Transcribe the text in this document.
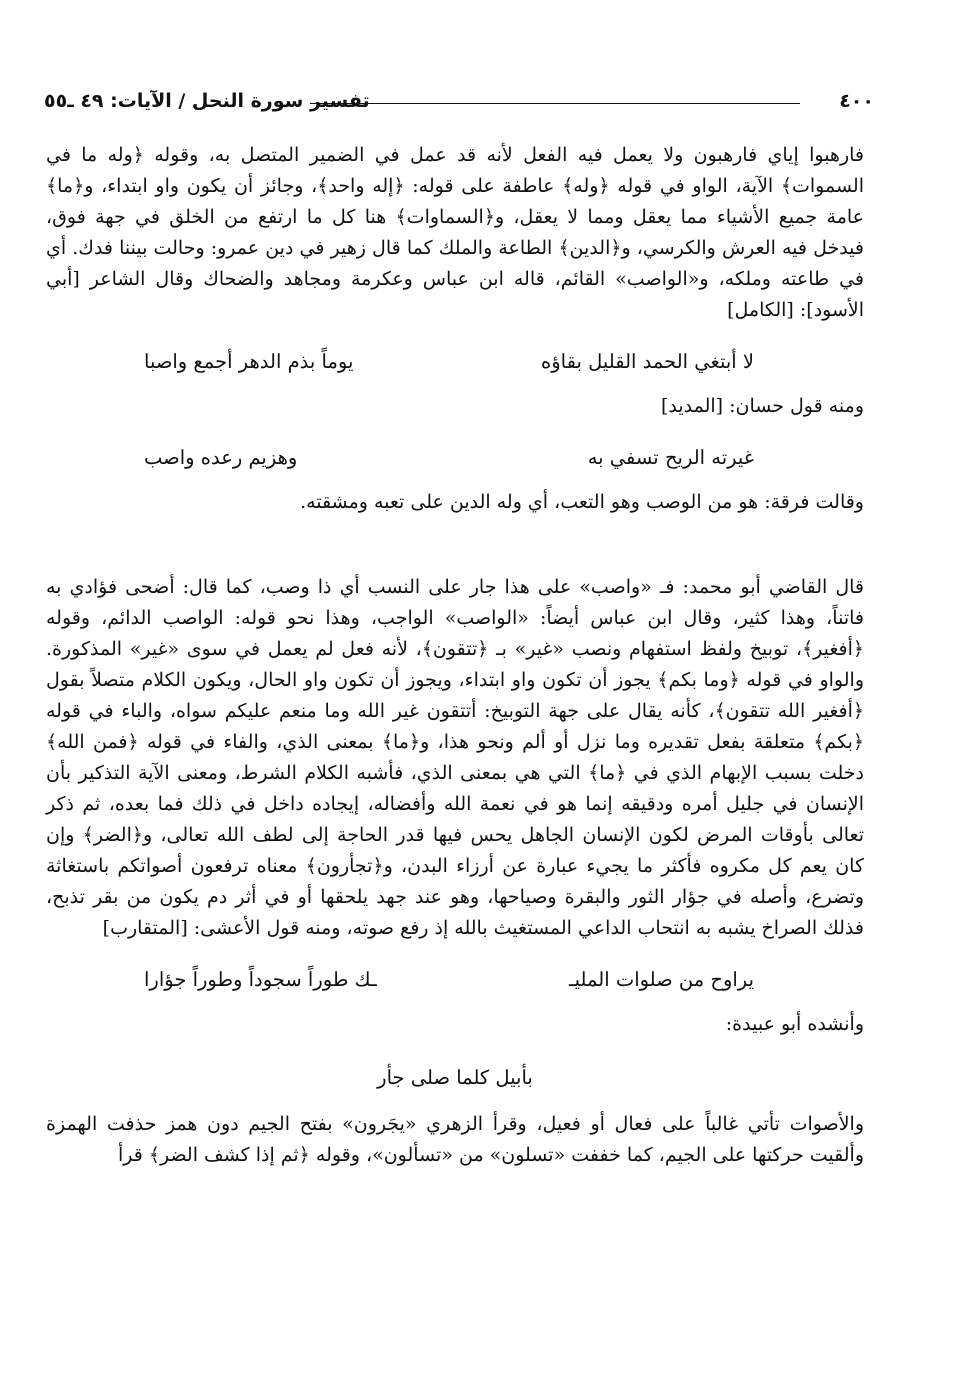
٤٠٠
تفسير سورة النحل / الآيات: ٤٩ ـ٥٥

فارهبوا إياي فارهبون ولا يعمل فيه الفعل لأنه قد عمل في الضمير المتصل به، وقوله ﴿وله ما في السموات﴾ الآية، الواو في قوله ﴿وله﴾ عاطفة على قوله: ﴿إله واحد﴾، وجائز أن يكون واو ابتداء، و﴿ما﴾ عامة جميع الأشياء مما يعقل ومما لا يعقل، و﴿السماوات﴾ هنا كل ما ارتفع من الخلق في جهة فوق، فيدخل فيه العرش والكرسي، و﴿الدين﴾ الطاعة والملك كما قال زهير في دين عمرو: وحالت بيننا فدك. أي في طاعته وملكه، و«الواصب» القائم، قاله ابن عباس وعكرمة ومجاهد والضحاك وقال الشاعر [أبي الأسود]: [الكامل]

لا أبتغي الحمد القليل بقاؤه
يوماً بذم الدهر أجمع واصبا

ومنه قول حسان: [المديد]

غيرته الريح تسفي به
وهزيم رعده واصب

وقالت فرقة: هو من الوصب وهو التعب، أي وله الدين على تعبه ومشقته.

قال القاضي أبو محمد: فـ «واصب» على هذا جار على النسب أي ذا وصب، كما قال: أضحى فؤادي به فاتناً، وهذا كثير، وقال ابن عباس أيضاً: «الواصب» الواجب، وهذا نحو قوله: الواصب الدائم، وقوله ﴿أفغير﴾، توبيخ ولفظ استفهام ونصب «غير» بـ ﴿تتقون﴾، لأنه فعل لم يعمل في سوى «غير» المذكورة. والواو في قوله ﴿وما بكم﴾ يجوز أن تكون واو ابتداء، ويجوز أن تكون واو الحال، ويكون الكلام متصلاً بقول ﴿أفغير الله تتقون﴾، كأنه يقال على جهة التوبيخ: أتتقون غير الله وما منعم عليكم سواه، والباء في قوله ﴿بكم﴾ متعلقة بفعل تقديره وما نزل أو ألم ونحو هذا، و﴿ما﴾ بمعنى الذي، والفاء في قوله ﴿فمن الله﴾ دخلت بسبب الإبهام الذي في ﴿ما﴾ التي هي بمعنى الذي، فأشبه الكلام الشرط، ومعنى الآية التذكير بأن الإنسان في جليل أمره ودقيقه إنما هو في نعمة الله وأفضاله، إيجاده داخل في ذلك فما بعده، ثم ذكر تعالى بأوقات المرض لكون الإنسان الجاهل يحس فيها قدر الحاجة إلى لطف الله تعالى، و﴿الضر﴾ وإن كان يعم كل مكروه فأكثر ما يجيء عبارة عن أرزاء البدن، و﴿تجأرون﴾ معناه ترفعون أصواتكم باستغاثة وتضرع، وأصله في جؤار الثور والبقرة وصياحها، وهو عند جهد يلحقها أو في أثر دم يكون من بقر تذبح، فذلك الصراخ يشبه به انتحاب الداعي المستغيث بالله إذ رفع صوته، ومنه قول الأعشى: [المتقارب]

يراوح من صلوات المليـ
ـك طوراً سجوداً وطوراً جؤارا

وأنشده أبو عبيدة:

بأبيل كلما صلى جأر

والأصوات تأتي غالباً على فعال أو فعيل، وقرأ الزهري «يجَرون» بفتح الجيم دون همز حذفت الهمزة وألقيت حركتها على الجيم، كما خففت «تسلون» من «تسألون»، وقوله ﴿ثم إذا كشف الضر﴾ قرأ
